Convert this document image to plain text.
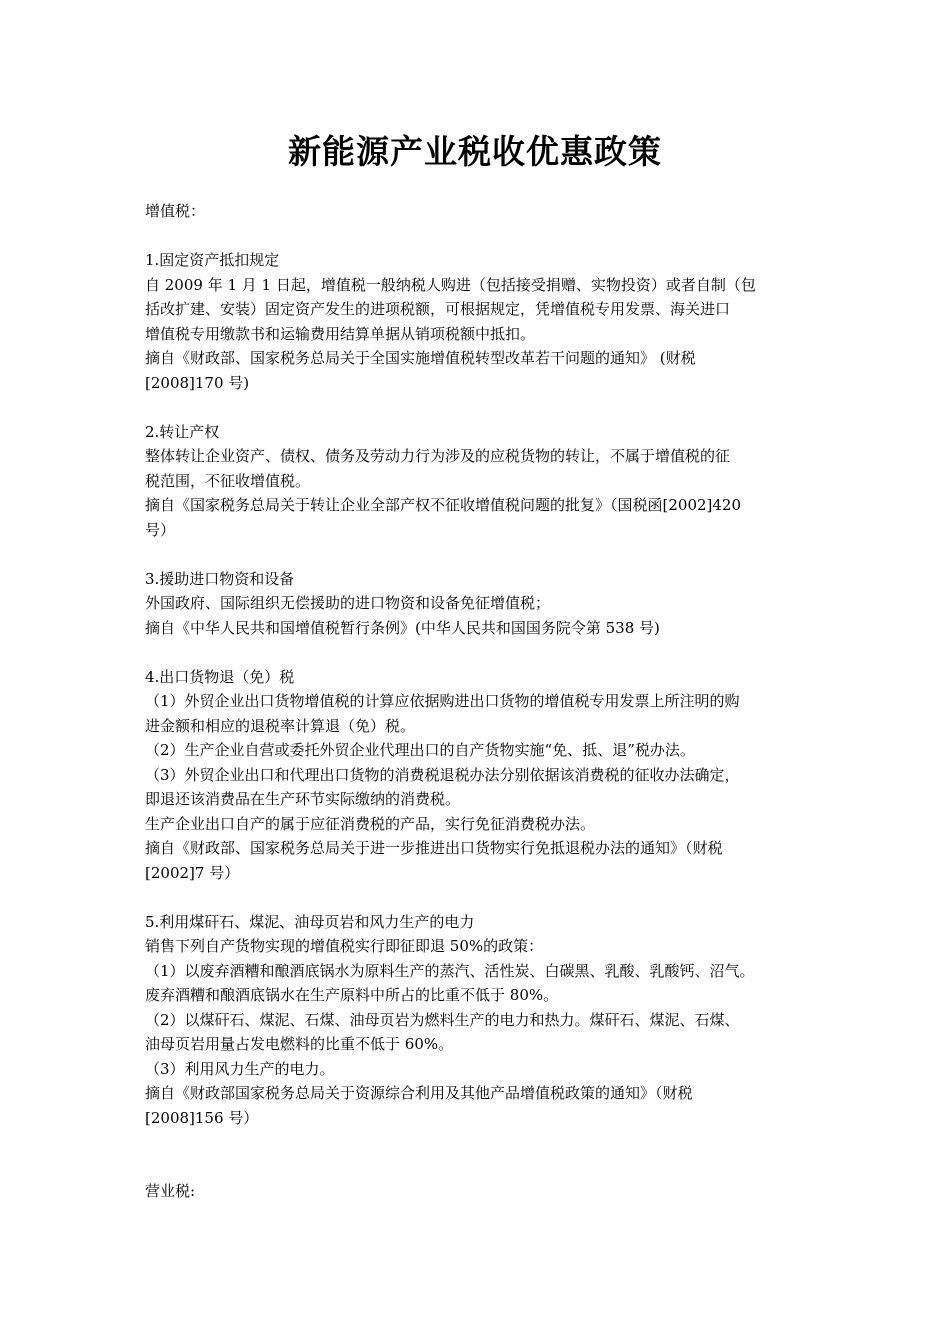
新能源产业税收优惠政策
增值税：
1.固定资产抵扣规定
自 2009 年 1 月 1 日起，增值税一般纳税人购进（包括接受捐赠、实物投资）或者自制（包
括改扩建、安装）固定资产发生的进项税额，可根据规定，凭增值税专用发票、海关进口
增值税专用缴款书和运输费用结算单据从销项税额中抵扣。
摘自《财政部、国家税务总局关于全国实施增值税转型改革若干问题的通知》 (财税
[2008]170 号)
2.转让产权
整体转让企业资产、债权、债务及劳动力行为涉及的应税货物的转让，不属于增值税的征
税范围，不征收增值税。
摘自《国家税务总局关于转让企业全部产权不征收增值税问题的批复》（国税函[2002]420
号）
3.援助进口物资和设备
外国政府、国际组织无偿援助的进口物资和设备免征增值税；
摘自《中华人民共和国增值税暂行条例》(中华人民共和国国务院令第 538 号)
4.出口货物退（免）税
（1）外贸企业出口货物增值税的计算应依据购进出口货物的增值税专用发票上所注明的购
进金额和相应的退税率计算退（免）税。
（2）生产企业自营或委托外贸企业代理出口的自产货物实施“免、抵、退”税办法。
（3）外贸企业出口和代理出口货物的消费税退税办法分别依据该消费税的征收办法确定，
即退还该消费品在生产环节实际缴纳的消费税。
生产企业出口自产的属于应征消费税的产品，实行免征消费税办法。
摘自《财政部、国家税务总局关于进一步推进出口货物实行免抵退税办法的通知》（财税
[2002]7 号）
5.利用煤矸石、煤泥、油母页岩和风力生产的电力
销售下列自产货物实现的增值税实行即征即退 50%的政策：
（1）以废弃酒糟和酿酒底锅水为原料生产的蒸汽、活性炭、白碳黑、乳酸、乳酸钙、沼气。
废弃酒糟和酿酒底锅水在生产原料中所占的比重不低于 80%。
（2）以煤矸石、煤泥、石煤、油母页岩为燃料生产的电力和热力。煤矸石、煤泥、石煤、
油母页岩用量占发电燃料的比重不低于 60%。
（3）利用风力生产的电力。
摘自《财政部国家税务总局关于资源综合利用及其他产品增值税政策的通知》（财税
[2008]156 号）
营业税:
